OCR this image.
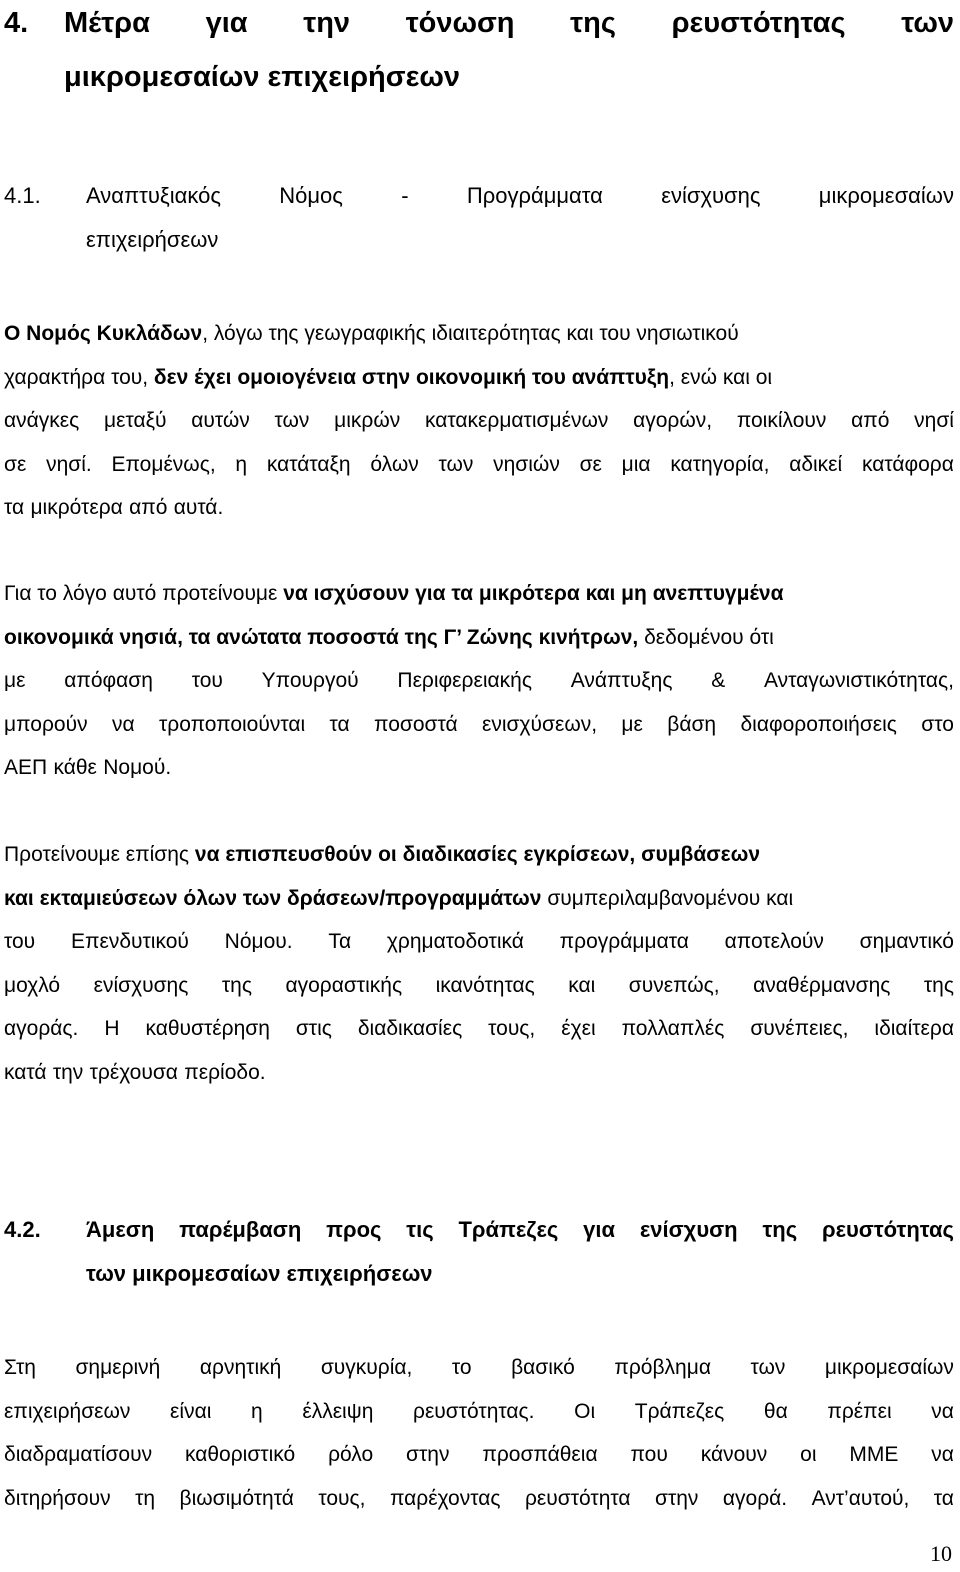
4.	Μέτρα για την τόνωση της ρευστότητας των
μικρομεσαίων επιχειρήσεων
4.1.	Αναπτυξιακός	Νόμος	-	Προγράμματα	ενίσχυσης	μικρομεσαίων
επιχειρήσεων
Ο Νομός Κυκλάδων, λόγω της γεωγραφικής ιδιαιτερότητας και του νησιωτικού
χαρακτήρα του, δεν έχει ομοιογένεια στην οικονομική του ανάπτυξη, ενώ και οι
ανάγκες μεταξύ αυτών των μικρών κατακερματισμένων αγορών, ποικίλουν από νησί
σε νησί. Επομένως, η κατάταξη όλων των νησιών σε μια κατηγορία, αδικεί κατάφορα
τα μικρότερα από αυτά.
Για το λόγο αυτό προτείνουμε να ισχύσουν για τα μικρότερα και μη ανεπτυγμένα
οικονομικά νησιά, τα ανώτατα ποσοστά της Γ’ Ζώνης κινήτρων, δεδομένου ότι
με απόφαση του Υπουργού Περιφερειακής Ανάπτυξης & Ανταγωνιστικότητας,
μπορούν να τροποποιούνται τα ποσοστά ενισχύσεων, με βάση διαφοροποιήσεις στο
ΑΕΠ κάθε Νομού.
Προτείνουμε επίσης να επισπευσθούν οι διαδικασίες εγκρίσεων, συμβάσεων
και εκταμιεύσεων όλων των δράσεων/προγραμμάτων συμπεριλαμβανομένου και
του Επενδυτικού Νόμου. Τα χρηματοδοτικά προγράμματα αποτελούν σημαντικό
μοχλό ενίσχυσης της αγοραστικής ικανότητας και συνεπώς, αναθέρμανσης της
αγοράς. Η καθυστέρηση στις διαδικασίες τους, έχει πολλαπλές συνέπειες, ιδιαίτερα
κατά την τρέχουσα περίοδο.
4.2.	Άμεση παρέμβαση προς τις Τράπεζες για ενίσχυση της ρευστότητας
των μικρομεσαίων επιχειρήσεων
Στη σημερινή αρνητική συγκυρία, το βασικό πρόβλημα των μικρομεσαίων
επιχειρήσεων είναι η έλλειψη ρευστότητας. Οι Τράπεζες θα πρέπει να
διαδραματίσουν καθοριστικό ρόλο στην προσπάθεια που κάνουν οι ΜΜΕ να
διτηρήσουν τη βιωσιμότητά τους, παρέχοντας ρευστότητα στην αγορά. Αντ’αυτού, τα
10
